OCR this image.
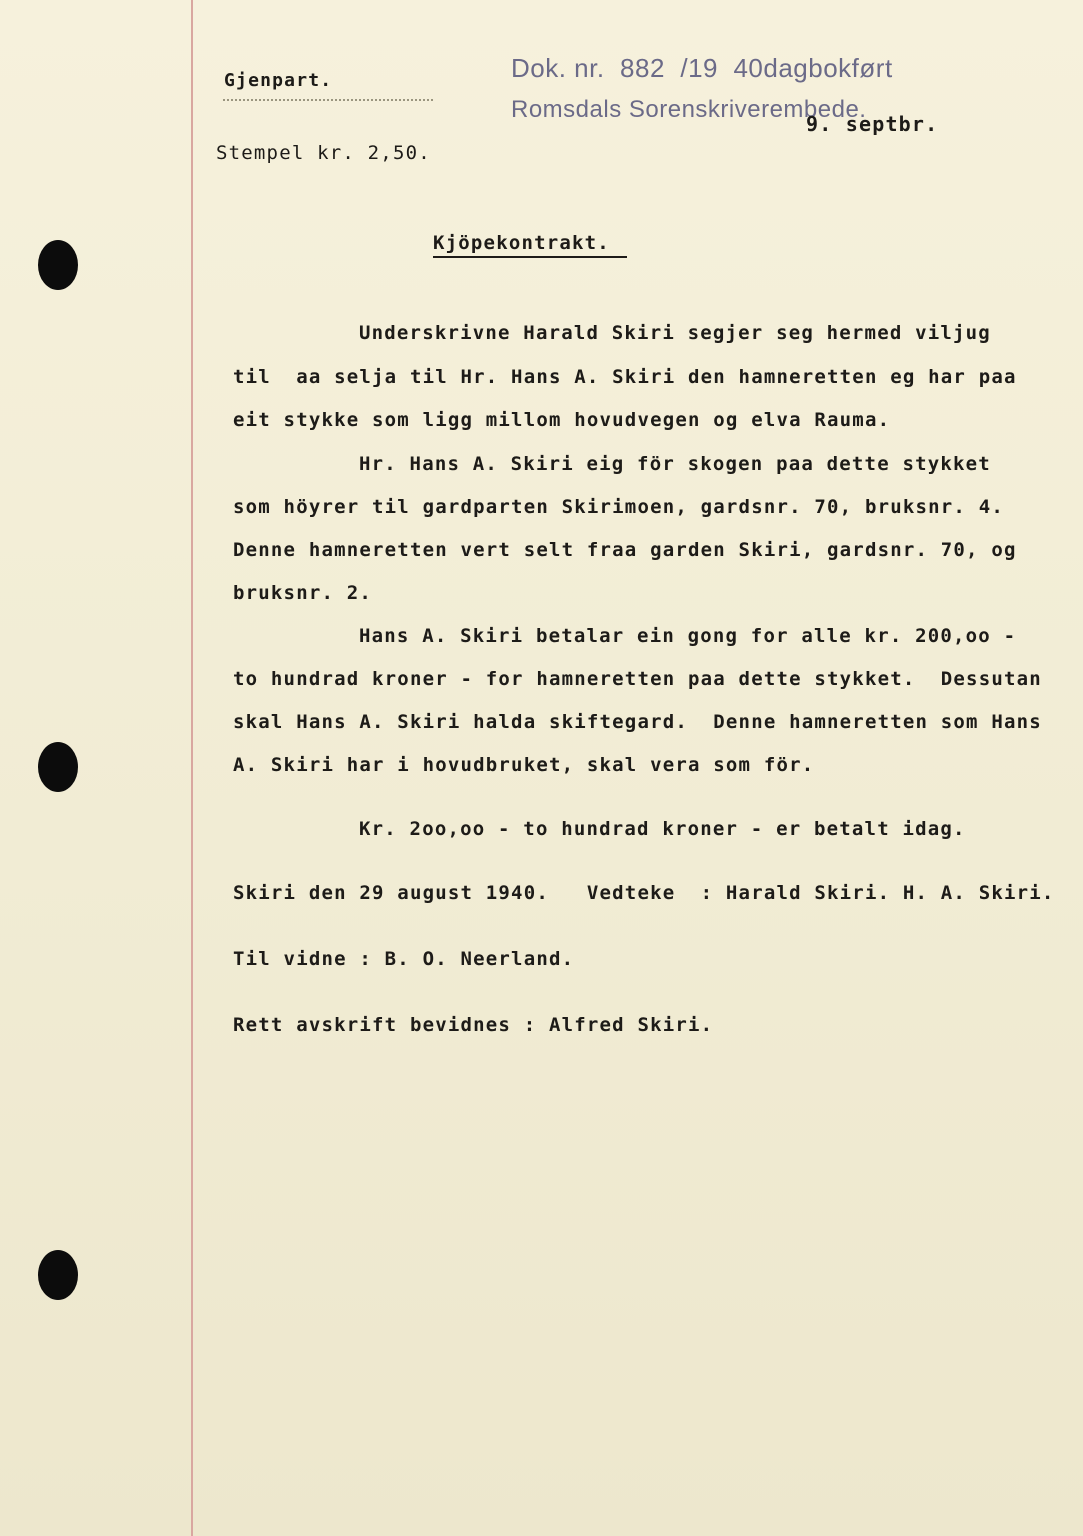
Gjenpart.	Dok. nr.  882  /19  40dagbokført
Romsdals Sorenskriverembede.
9. septbr.
Stempel kr. 2,50.
Kjöpekontrakt.
Underskrivne Harald Skiri segjer seg hermed viljug
til  aa selja til Hr. Hans A. Skiri den hamneretten eg har paa
eit stykke som ligg millom hovudvegen og elva Rauma.
Hr. Hans A. Skiri eig för skogen paa dette stykket
som höyrer til gardparten Skirimoen, gardsnr. 70, bruksnr. 4.
Denne hamneretten vert selt fraa garden Skiri, gardsnr. 70, og
bruksnr. 2.
Hans A. Skiri betalar ein gong for alle kr. 200,oo -
to hundrad kroner - for hamneretten paa dette stykket.  Dessutan
skal Hans A. Skiri halda skiftegard.  Denne hamneretten som Hans
A. Skiri har i hovudbruket, skal vera som för.
Kr. 2oo,oo - to hundrad kroner - er betalt idag.
Skiri den 29 august 1940.   Vedteke  : Harald Skiri. H. A. Skiri.
Til vidne : B. O. Neerland.
Rett avskrift bevidnes : Alfred Skiri.
